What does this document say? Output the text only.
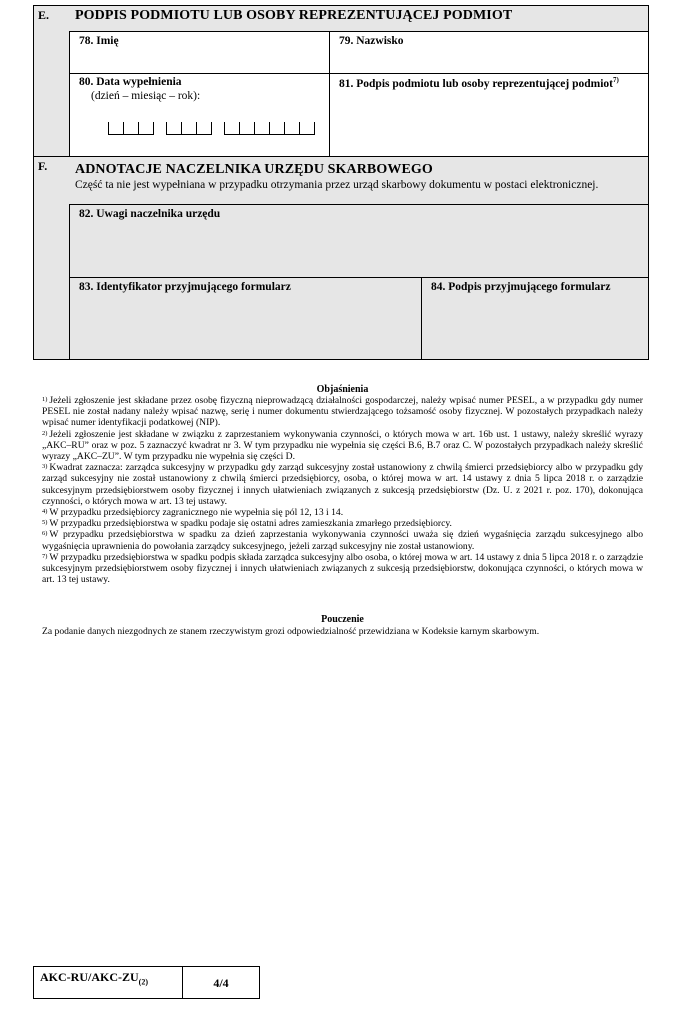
E. PODPIS PODMIOTU LUB OSOBY REPREZENTUJĄCEJ PODMIOT
78. Imię	79. Nazwisko
80. Data wypełnienia
(dzień – miesiąc – rok):
81. Podpis podmiotu lub osoby reprezentującej podmiot$^{7)}$
F. ADNOTACJE NACZELNIKA URZĘDU SKARBOWEGO
Część ta nie jest wypełniana w przypadku otrzymania przez urząd skarbowy dokumentu w postaci elektronicznej.
82. Uwagi naczelnika urzędu
83. Identyfikator przyjmującego formularz	84. Podpis przyjmującego formularz
Objaśnienia

$^{1)}$ Jeżeli zgłoszenie jest składane przez osobę fizyczną nieprowadzącą działalności gospodarczej, należy wpisać numer PESEL, a w przypadku gdy numer PESEL nie został nadany należy wpisać nazwę, serię i numer dokumentu stwierdzającego tożsamość osoby fizycznej. W pozostałych przypadkach należy wpisać numer identyfikacji podatkowej (NIP).

$^{2)}$ Jeżeli zgłoszenie jest składane w związku z zaprzestaniem wykonywania czynności, o których mowa w art. 16b ust. 1 ustawy, należy skreślić wyrazy „AKC–RU” oraz w poz. 5 zaznaczyć kwadrat nr 3. W tym przypadku nie wypełnia się części B.6, B.7 oraz C. W pozostałych przypadkach należy skreślić wyrazy „AKC–ZU”. W tym przypadku nie wypełnia się części D.

$^{3)}$ Kwadrat zaznacza: zarządca sukcesyjny w przypadku gdy zarząd sukcesyjny został ustanowiony z chwilą śmierci przedsiębiorcy albo w przypadku gdy zarząd sukcesyjny nie został ustanowiony z chwilą śmierci przedsiębiorcy, osoba, o której mowa w art. 14 ustawy z dnia 5 lipca 2018 r. o zarządzie sukcesyjnym przedsiębiorstwem osoby fizycznej i innych ułatwieniach związanych z sukcesją przedsiębiorstw (Dz. U. z 2021 r. poz. 170), dokonująca czynności, o których mowa w art. 13 tej ustawy.

$^{4)}$ W przypadku przedsiębiorcy zagranicznego nie wypełnia się pól 12, 13 i 14.

$^{5)}$ W przypadku przedsiębiorstwa w spadku podaje się ostatni adres zamieszkania zmarłego przedsiębiorcy.

$^{6)}$ W przypadku przedsiębiorstwa w spadku za dzień zaprzestania wykonywania czynności uważa się dzień wygaśnięcia zarządu sukcesyjnego albo wygaśnięcia uprawnienia do powołania zarządcy sukcesyjnego, jeżeli zarząd sukcesyjny nie został ustanowiony.

$^{7)}$ W przypadku przedsiębiorstwa w spadku podpis składa zarządca sukcesyjny albo osoba, o której mowa w art. 14 ustawy z dnia 5 lipca 2018 r. o zarządzie sukcesyjnym przedsiębiorstwem osoby fizycznej i innych ułatwieniach związanych z sukcesją przedsiębiorstw, dokonująca czynności, o których mowa w art. 13 tej ustawy.

Pouczenie
Za podanie danych niezgodnych ze stanem rzeczywistym grozi odpowiedzialność przewidziana w Kodeksie karnym skarbowym.
AKC-$RU/AKC-ZU_{(2)}$	4/4
